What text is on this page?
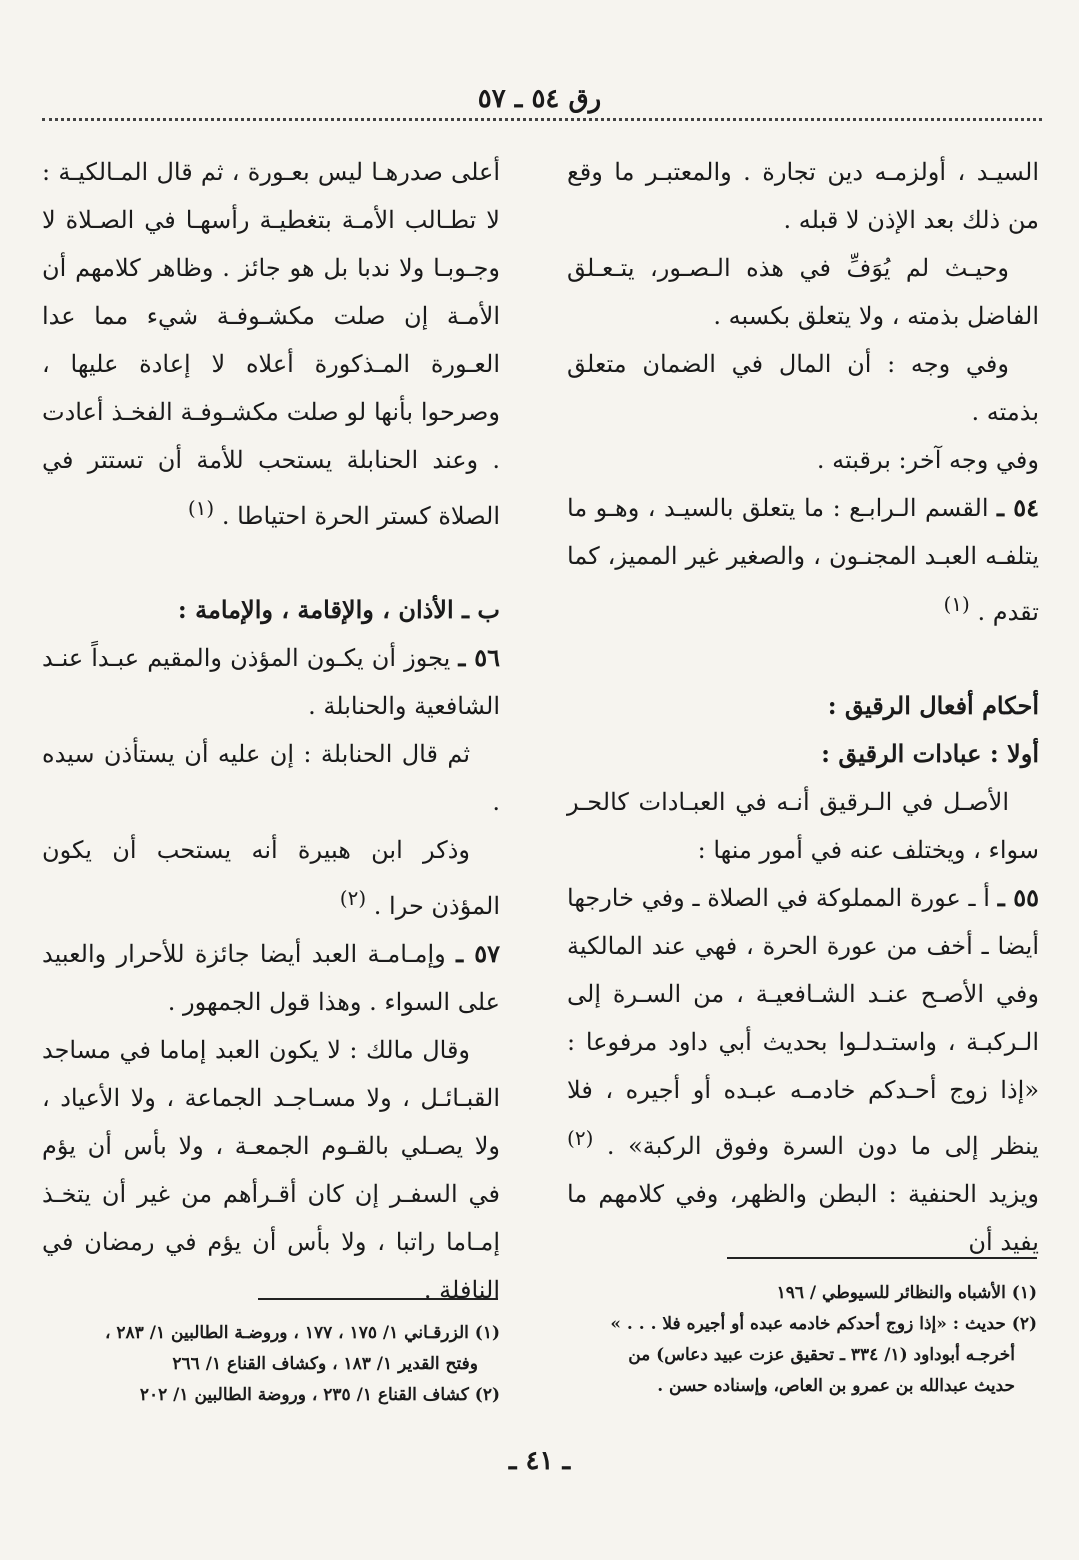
رق ٥٤ ـ ٥٧

السيـد ، أولزمـه دين تجارة . والمعتبـر ما وقع من ذلك بعد الإذن لا قبله .

وحيـث لم يُوَفِّ في هذه الـصـور، يتـعـلق الفاضل بذمته ، ولا يتعلق بكسبه .

وفي وجه : أن المال في الضمان متعلق بذمته .

وفي وجه آخر: برقبته .

٥٤ ـ القسم الـرابـع : ما يتعلق بالسيـد ، وهـو ما يتلفـه العبـد المجنـون ، والصغير غير المميز، كما تقدم . $^{(١)}$

أحكام أفعال الرقيق :
أولا : عبادات الرقيق :

الأصـل في الـرقيق أنـه في العبـادات كالحـر سواء ، ويختلف عنه في أمور منها :

٥٥ ـ أ ـ عورة المملوكة في الصلاة ـ وفي خارجها أيضا ـ أخف من عورة الحرة ، فهي عند المالكية وفي الأصـح عنـد الشـافعيـة ، من السـرة إلى الـركبـة ، واستـدلـوا بحديث أبي داود مرفوعا : «إذا زوج أحـدكم خادمـه عبـده أو أجيره ، فلا ينظر إلى ما دون السرة وفوق الركبة» . $^{(٢)}$ ويزيد الحنفية : البطن والظهر، وفي كلامهم ما يفيد أن

أعلى صدرهـا ليس بعـورة ، ثم قال المـالكيـة : لا تطـالب الأمـة بتغطيـة رأسهـا في الصـلاة لا وجـوبـا ولا ندبا بل هو جائز . وظاهر كلامهم أن الأمـة إن صلت مكشـوفـة شيء مما عدا العـورة المـذكورة أعلاه لا إعادة عليها ، وصرحوا بأنها لو صلت مكشـوفـة الفخـذ أعادت . وعند الحنابلة يستحب للأمة أن تستتر في الصلاة كستر الحرة احتياطا . $^{(١)}$

ب ـ الأذان ، والإقامة ، والإمامة :

٥٦ ـ يجوز أن يكـون المؤذن والمقيم عبـداً عنـد الشافعية والحنابلة .

ثم قال الحنابلة : إن عليه أن يستأذن سيده .

وذكر ابن هبيرة أنه يستحب أن يكون المؤذن حرا . $^{(٢)}$

٥٧ ـ وإمـامـة العبد أيضا جائزة للأحرار والعبيد على السواء . وهذا قول الجمهور .

وقال مالك : لا يكون العبد إماما في مساجد القبـائـل ، ولا مسـاجـد الجماعة ، ولا الأعياد ، ولا يصـلي بالقـوم الجمعـة ، ولا بأس أن يؤم في السفـر إن كان أقـرأهم من غير أن يتخـذ إمـاما راتبا ، ولا بأس أن يؤم في رمضان في النافلة .	(١) الأشباه والنظائر للسيوطي / ١٩٦

(٢) حديث : «إذا زوج أحدكم خادمه عبده أو أجيره فلا . . . »

أخرجـه أبوداود (١/ ٣٣٤ ـ تحقيق عزت عبيد دعاس) من

حديث عبدالله بن عمرو بن العاص، وإسناده حسن .

(١) الزرقـاني ١/ ١٧٥ ، ١٧٧ ، وروضـة الطالبين ١/ ٢٨٣ ،

وفتح القدير ١/ ١٨٣ ، وكشاف القناع ١/ ٢٦٦

(٢) كشاف القناع ١/ ٢٣٥ ، وروضة الطالبين ١/ ٢٠٢

ـ ٤١ ـ
